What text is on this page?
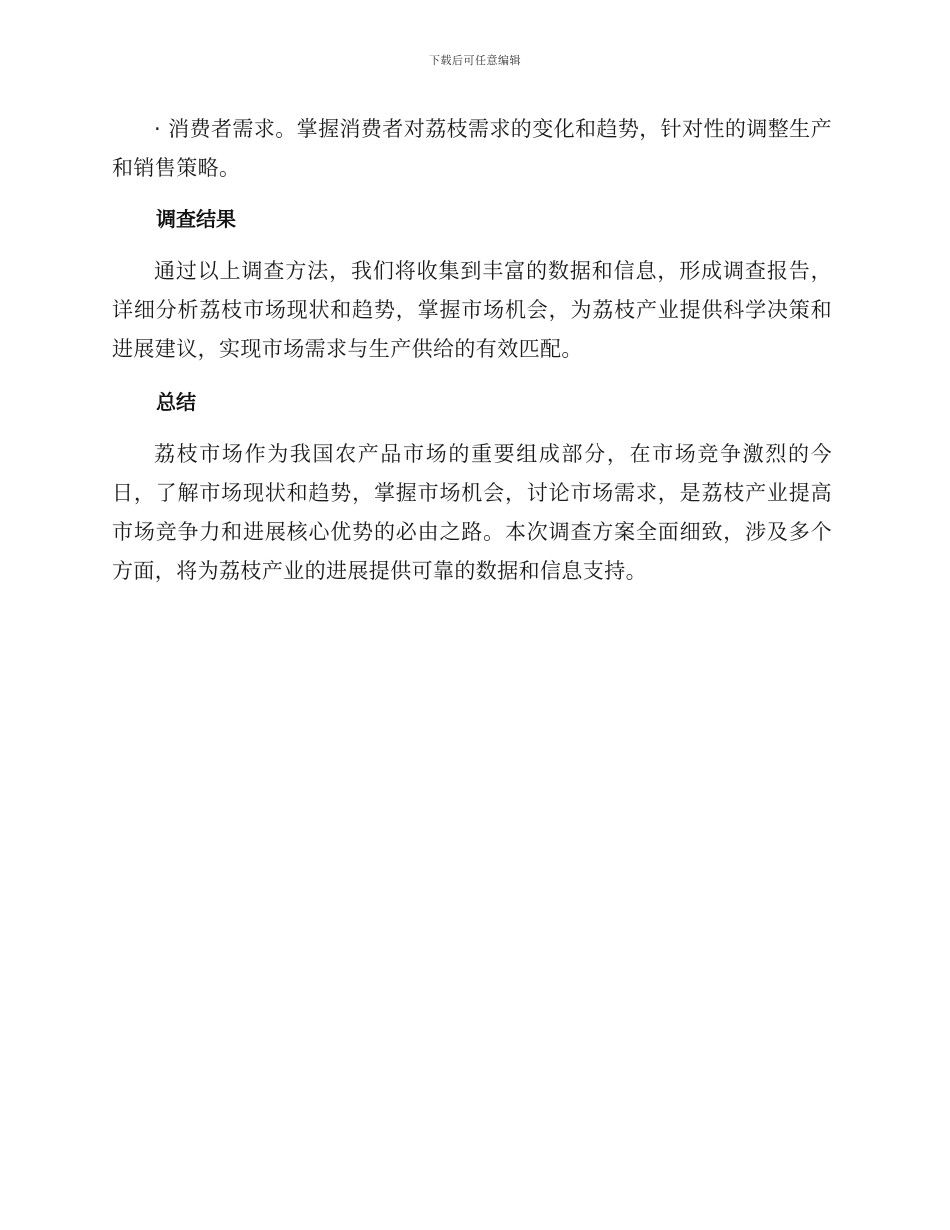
下载后可任意编辑

· 消费者需求。掌握消费者对荔枝需求的变化和趋势，针对性的调整生产和销售策略。

调查结果

通过以上调查方法，我们将收集到丰富的数据和信息，形成调查报告，详细分析荔枝市场现状和趋势，掌握市场机会，为荔枝产业提供科学决策和进展建议，实现市场需求与生产供给的有效匹配。

总结

荔枝市场作为我国农产品市场的重要组成部分，在市场竞争激烈的今日，了解市场现状和趋势，掌握市场机会，讨论市场需求，是荔枝产业提高市场竞争力和进展核心优势的必由之路。本次调查方案全面细致，涉及多个方面，将为荔枝产业的进展提供可靠的数据和信息支持。
